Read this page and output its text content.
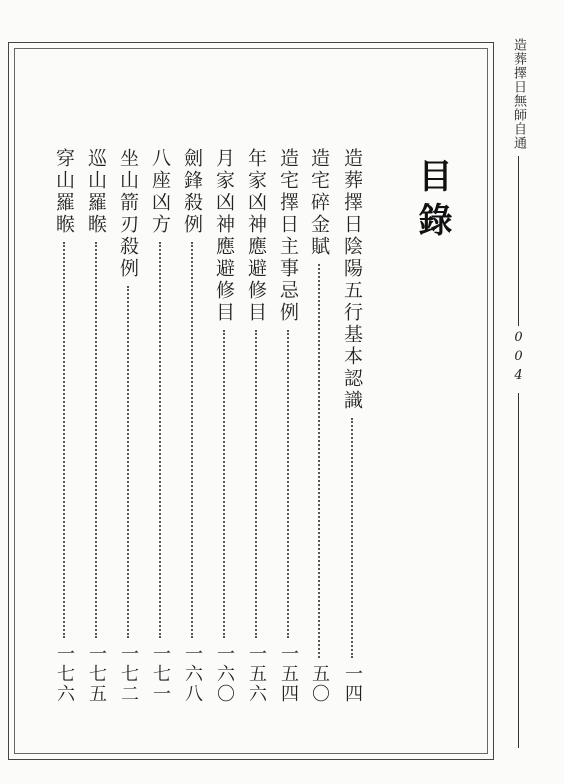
目錄
造葬擇日陰陽五行基本認識
一四
造宅碎金賦
五〇
造宅擇日主事忌例
一五四
年家凶神應避修目
一五六
月家凶神應避修目
一六〇
劍鋒殺例
一六八
八座凶方
一七一
坐山箭刃殺例
一七二
巡山羅睺
一七五
穿山羅睺
一七六
造葬擇日無師自通
004
